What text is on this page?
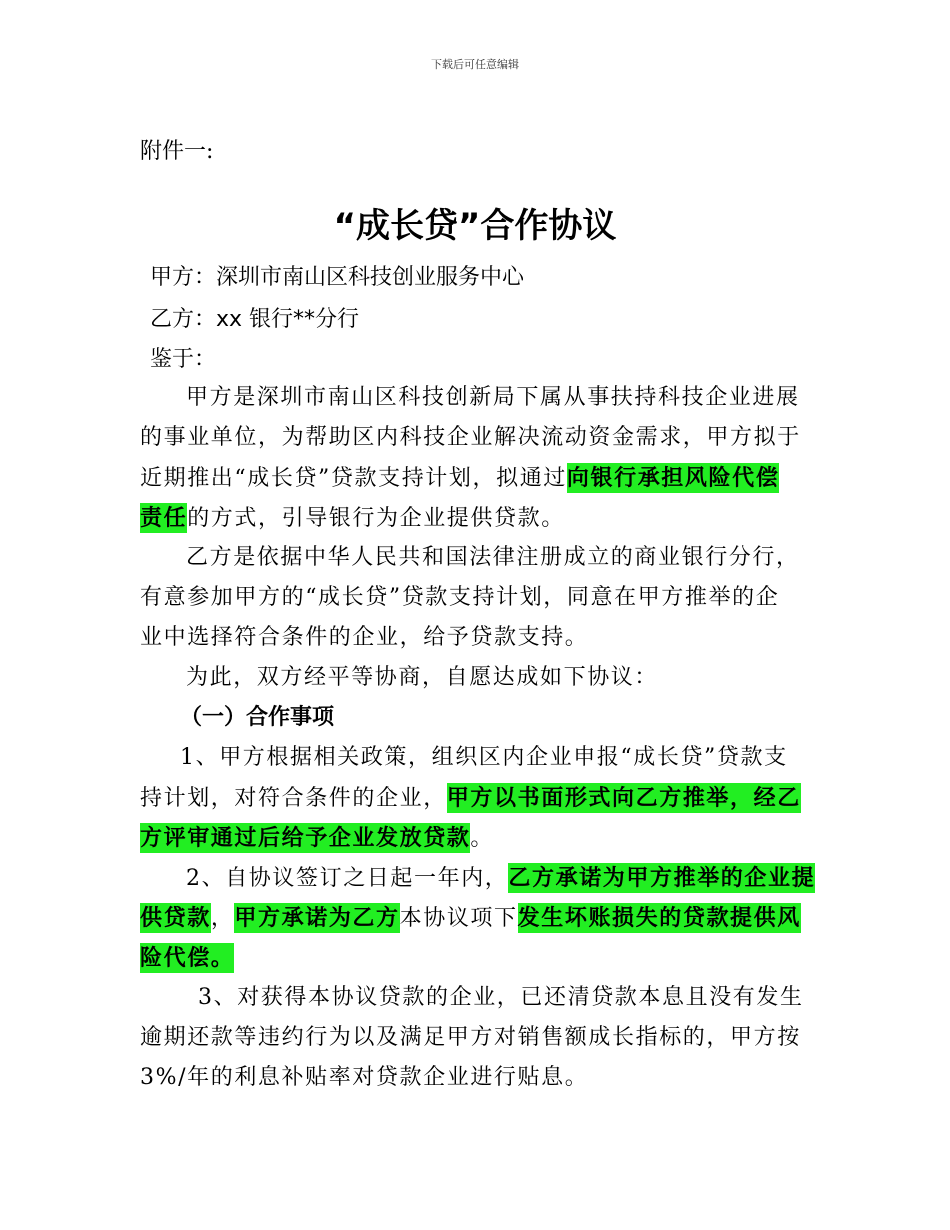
下载后可任意编辑
附件一:
“成长贷”合作协议
甲方：深圳市南山区科技创业服务中心
乙方：xx 银行**分行
鉴于：
甲方是深圳市南山区科技创新局下属从事扶持科技企业进展
的事业单位，为帮助区内科技企业解决流动资金需求，甲方拟于
近期推出“成长贷”贷款支持计划，拟通过向银行承担风险代偿
责任的方式，引导银行为企业提供贷款。
乙方是依据中华人民共和国法律注册成立的商业银行分行，
有意参加甲方的“成长贷”贷款支持计划，同意在甲方推举的企
业中选择符合条件的企业，给予贷款支持。
为此，双方经平等协商，自愿达成如下协议：
（一）合作事项
1、甲方根据相关政策，组织区内企业申报“成长贷”贷款支
持计划，对符合条件的企业，甲方以书面形式向乙方推举，经乙
方评审通过后给予企业发放贷款。
2、自协议签订之日起一年内，乙方承诺为甲方推举的企业提
供贷款，甲方承诺为乙方本协议项下发生坏账损失的贷款提供风
险代偿。
3、对获得本协议贷款的企业，已还清贷款本息且没有发生
逾期还款等违约行为以及满足甲方对销售额成长指标的，甲方按
3%/年的利息补贴率对贷款企业进行贴息。
